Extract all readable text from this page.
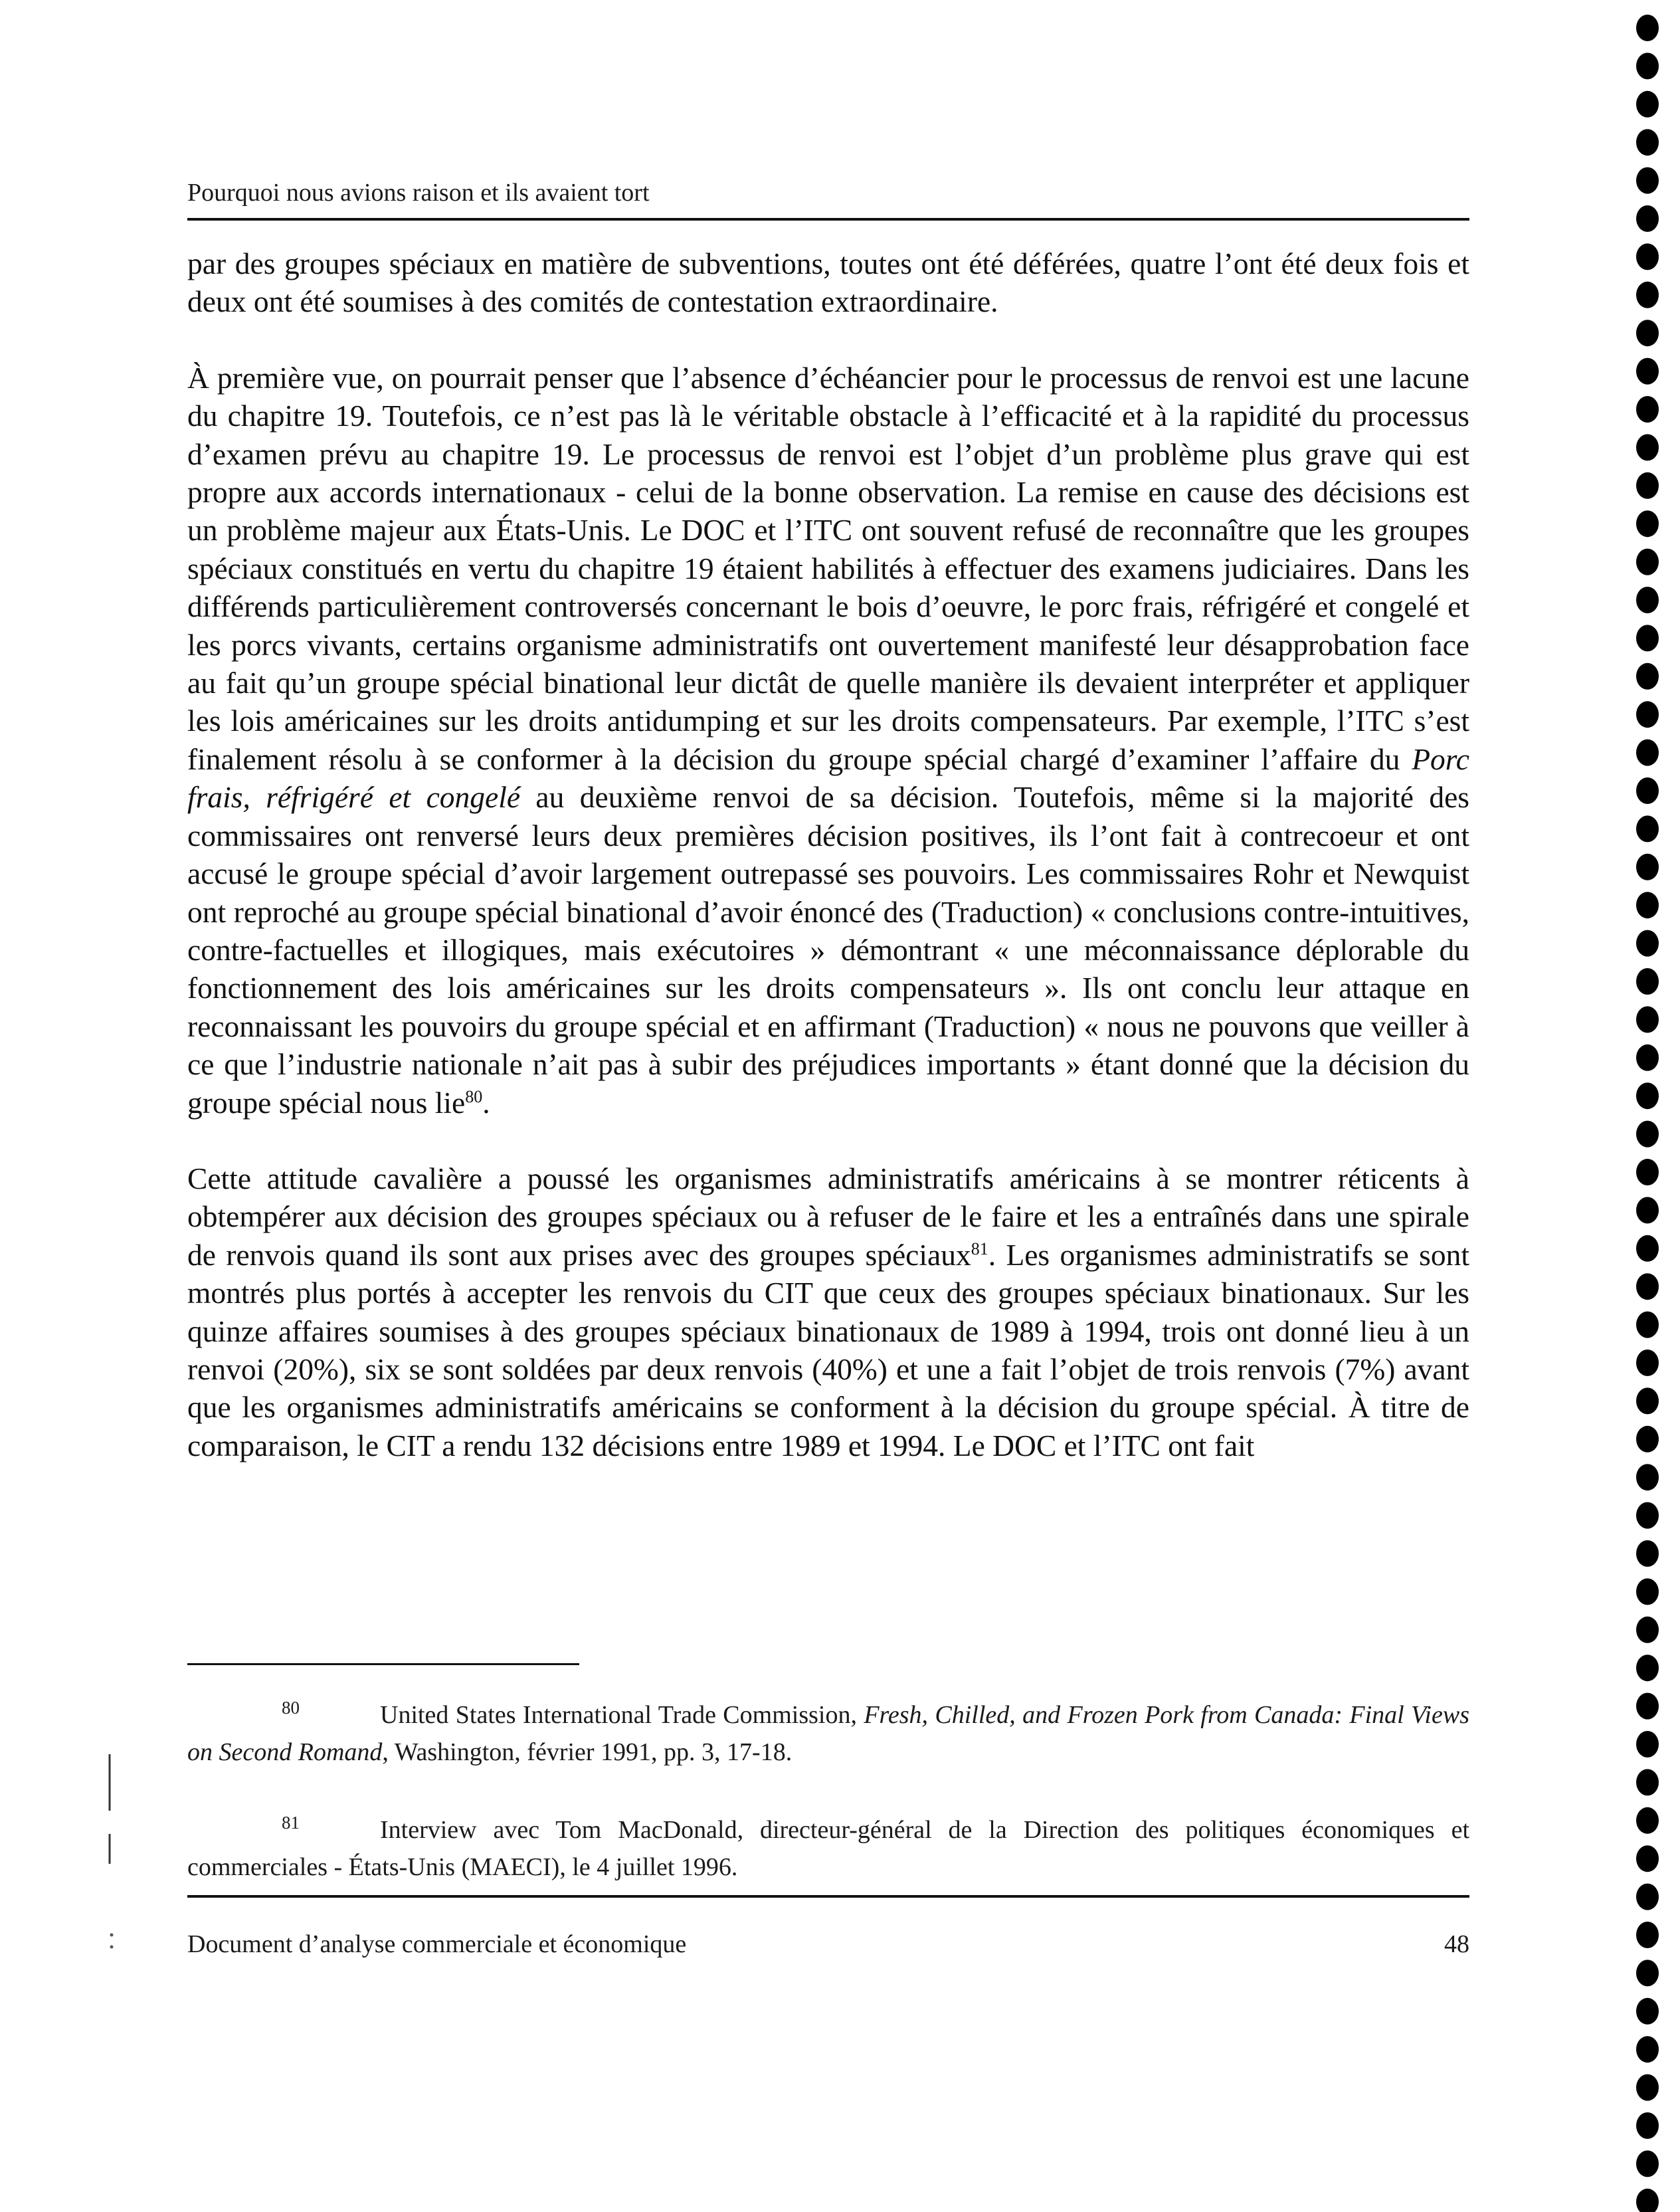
Pourquoi nous avions raison et ils avaient tort

par des groupes spéciaux en matière de subventions, toutes ont été déférées, quatre l’ont été deux fois et deux ont été soumises à des comités de contestation extraordinaire.

À première vue, on pourrait penser que l’absence d’échéancier pour le processus de renvoi est une lacune du chapitre 19. Toutefois, ce n’est pas là le véritable obstacle à l’efficacité et à la rapidité du processus d’examen prévu au chapitre 19. Le processus de renvoi est l’objet d’un problème plus grave qui est propre aux accords internationaux - celui de la bonne observation. La remise en cause des décisions est un problème majeur aux États-Unis. Le DOC et l’ITC ont souvent refusé de reconnaître que les groupes spéciaux constitués en vertu du chapitre 19 étaient habilités à effectuer des examens judiciaires. Dans les différends particulièrement controversés concernant le bois d’oeuvre, le porc frais, réfrigéré et congelé et les porcs vivants, certains organisme administratifs ont ouvertement manifesté leur désapprobation face au fait qu’un groupe spécial binational leur dictât de quelle manière ils devaient interpréter et appliquer les lois américaines sur les droits antidumping et sur les droits compensateurs. Par exemple, l’ITC s’est finalement résolu à se conformer à la décision du groupe spécial chargé d’examiner l’affaire du Porc frais, réfrigéré et congelé au deuxième renvoi de sa décision. Toutefois, même si la majorité des commissaires ont renversé leurs deux premières décision positives, ils l’ont fait à contrecoeur et ont accusé le groupe spécial d’avoir largement outrepassé ses pouvoirs. Les commissaires Rohr et Newquist ont reproché au groupe spécial binational d’avoir énoncé des (Traduction) « conclusions contre-intuitives, contre-factuelles et illogiques, mais exécutoires » démontrant « une méconnaissance déplorable du fonctionnement des lois américaines sur les droits compensateurs ». Ils ont conclu leur attaque en reconnaissant les pouvoirs du groupe spécial et en affirmant (Traduction) « nous ne pouvons que veiller à ce que l’industrie nationale n’ait pas à subir des préjudices importants » étant donné que la décision du groupe spécial nous lie$^{80}$.

Cette attitude cavalière a poussé les organismes administratifs américains à se montrer réticents à obtempérer aux décision des groupes spéciaux ou à refuser de le faire et les a entraînés dans une spirale de renvois quand ils sont aux prises avec des groupes spéciaux$^{81}$. Les organismes administratifs se sont montrés plus portés à accepter les renvois du CIT que ceux des groupes spéciaux binationaux. Sur les quinze affaires soumises à des groupes spéciaux binationaux de 1989 à 1994, trois ont donné lieu à un renvoi (20%), six se sont soldées par deux renvois (40%) et une a fait l’objet de trois renvois (7%) avant que les organismes administratifs américains se conforment à la décision du groupe spécial. À titre de comparaison, le CIT a rendu 132 décisions entre 1989 et 1994. Le DOC et l’ITC ont fait

80	United States International Trade Commission, Fresh, Chilled, and Frozen Pork from Canada: Final Views on Second Romand, Washington, février 1991, pp. 3, 17-18.

81	Interview avec Tom MacDonald, directeur-général de la Direction des politiques économiques et commerciales - États-Unis (MAECI), le 4 juillet 1996.

Document d’analyse commerciale et économique	48
